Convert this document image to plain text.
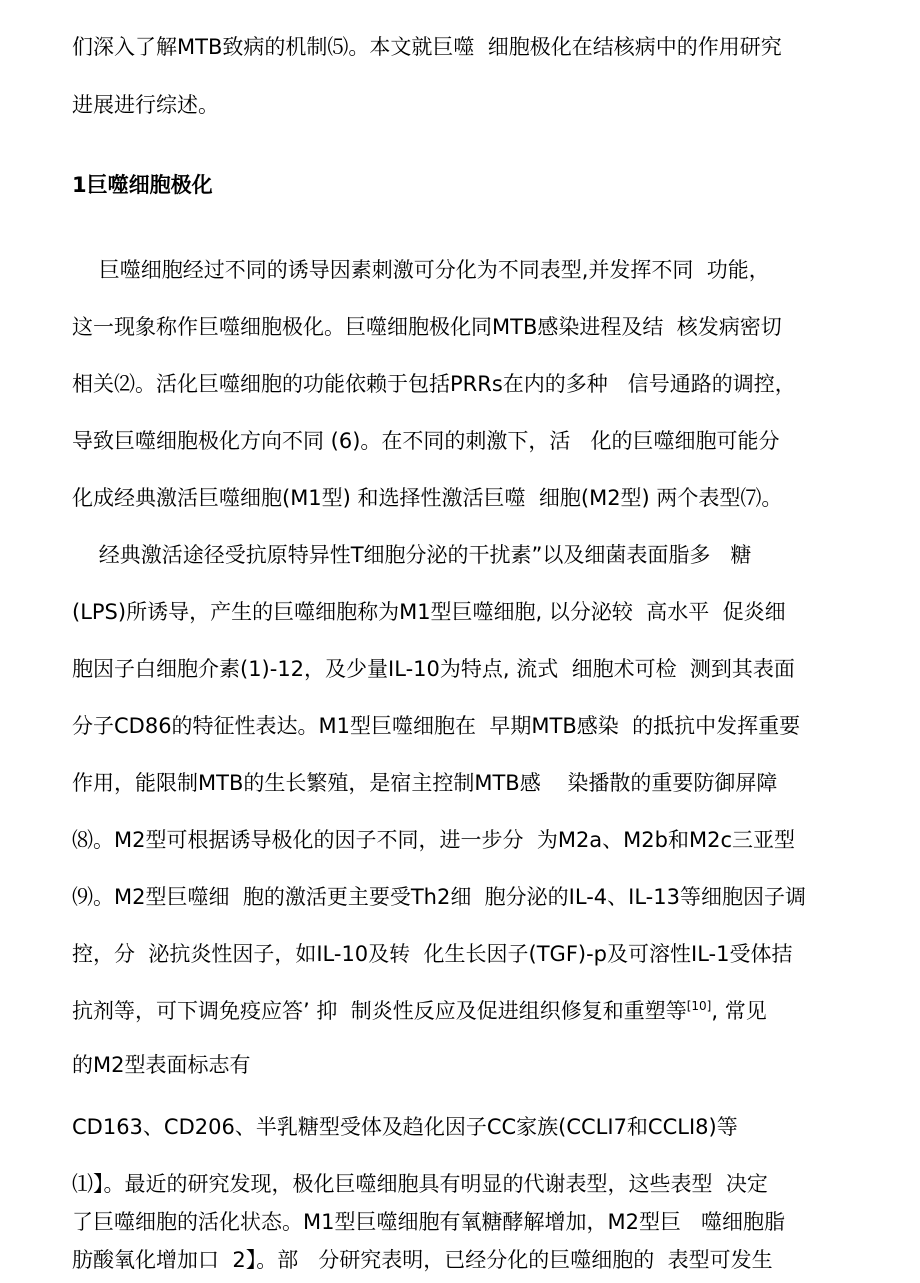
们深入了解MTB致病的机制⑸。本文就巨噬  细胞极化在结核病中的作用研究
进展进行综述。
1巨噬细胞极化
巨噬细胞经过不同的诱导因素刺激可分化为不同表型,并发挥不同  功能，
这一现象称作巨噬细胞极化。巨噬细胞极化同MTB感染进程及结  核发病密切
相关⑵。活化巨噬细胞的功能依赖于包括PRRs在内的多种   信号通路的调控，
导致巨噬细胞极化方向不同 (6)。在不同的刺激下，活   化的巨噬细胞可能分
化成经典激活巨噬细胞(M1型) 和选择性激活巨噬  细胞(M2型) 两个表型⑺。
经典激活途径受抗原特异性T细胞分泌的干扰素”以及细菌表面脂多   糖
(LPS)所诱导，产生的巨噬细胞称为M1型巨噬细胞, 以分泌较  高水平  促炎细
胞因子白细胞介素(1)-12，及少量IL-10为特点, 流式  细胞术可检  测到其表面
分子CD86的特征性表达。M1型巨噬细胞在  早期MTB感染  的抵抗中发挥重要
作用，能限制MTB的生长繁殖，是宿主控制MTB感    染播散的重要防御屏障
⑻。M2型可根据诱导极化的因子不同，进一步分  为M2a、M2b和M2c三亚型
⑼。M2型巨噬细  胞的激活更主要受Th2细  胞分泌的IL-4、IL-13等细胞因子调
控，分  泌抗炎性因子，如IL-10及转  化生长因子(TGF)-p及可溶性IL-1受体拮
抗剂等，可下调免疫应答’ 抑  制炎性反应及促进组织修复和重塑等[10], 常见
的M2型表面标志有
CD163、CD206、半乳糖型受体及趋化因子CC家族(CCLI7和CCLI8)等
⑴】。最近的研究发现，极化巨噬细胞具有明显的代谢表型，这些表型  决定
了巨噬细胞的活化状态。M1型巨噬细胞有氧糖酵解增加，M2型巨   噬细胞脂
肪酸氧化增加口  2】。部   分研究表明，已经分化的巨噬细胞的  表型可发生
